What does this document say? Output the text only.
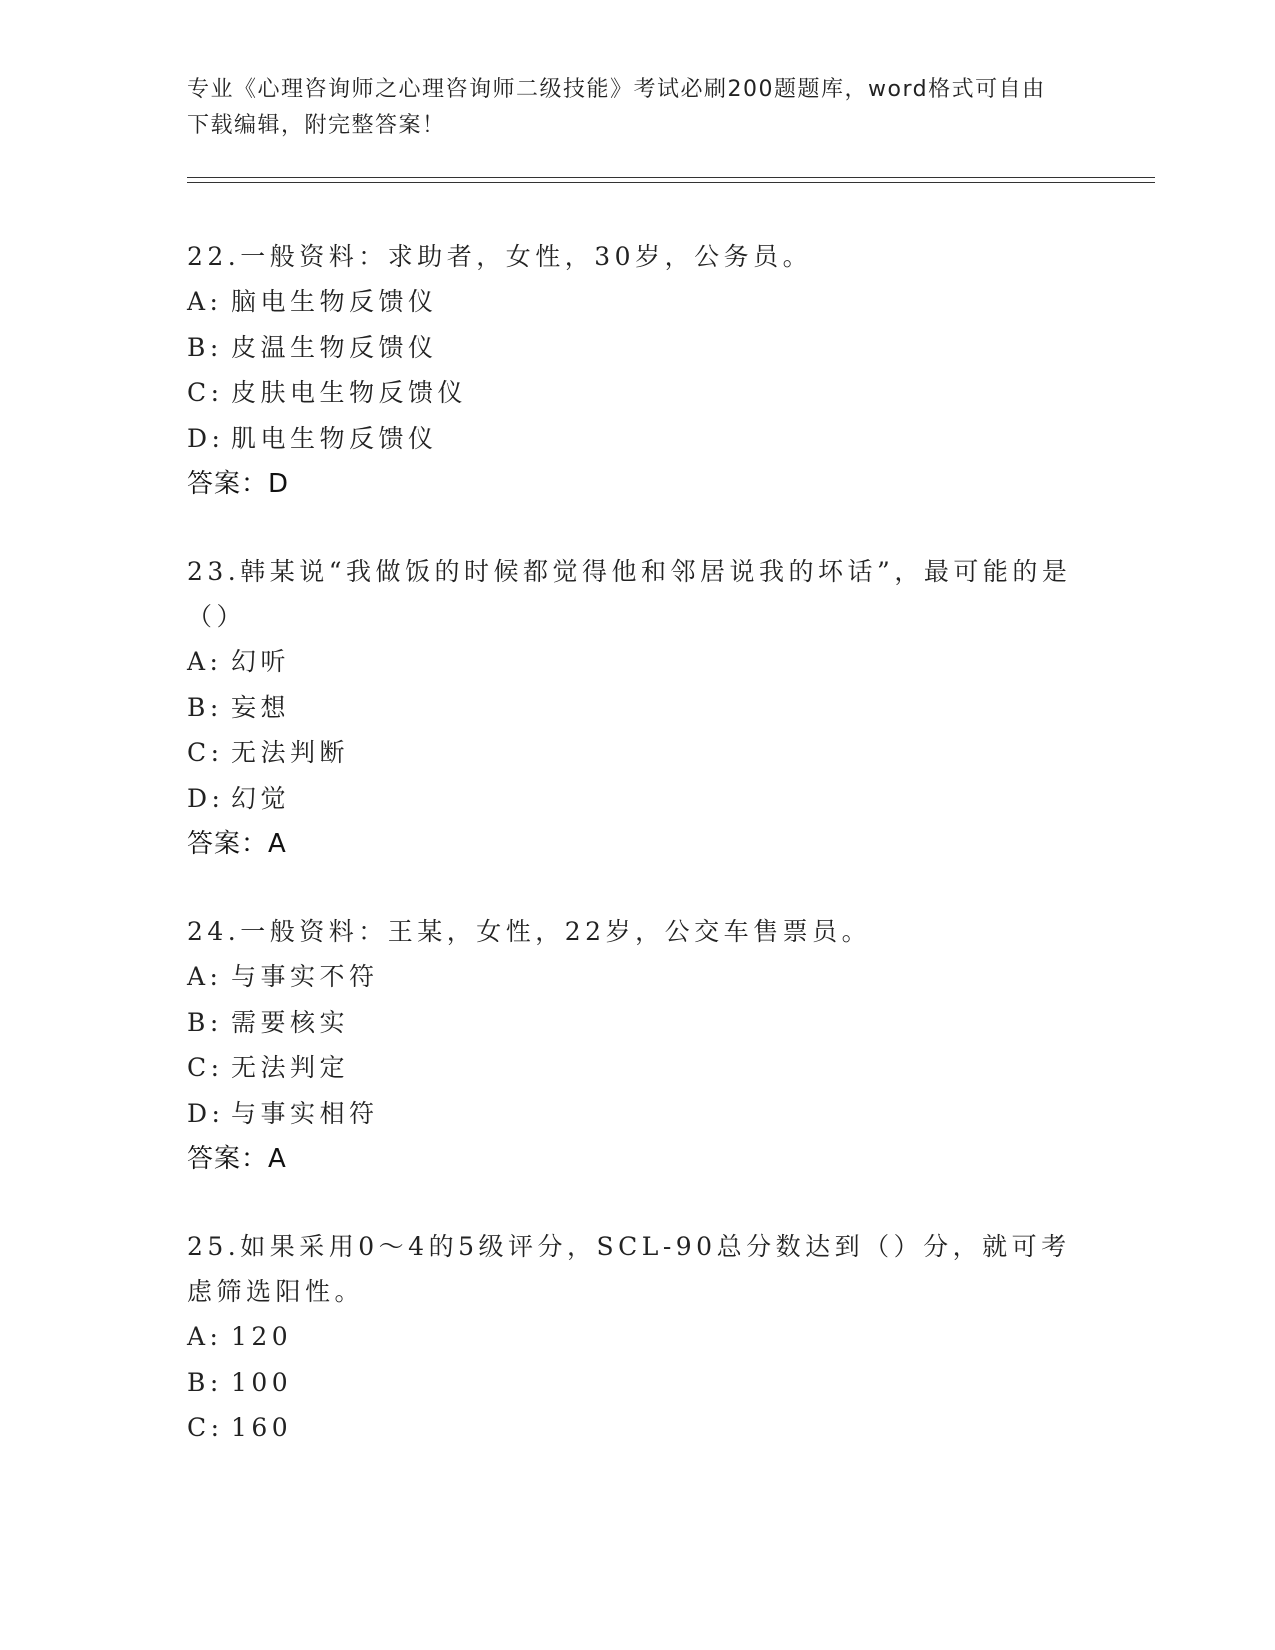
专业《心理咨询师之心理咨询师二级技能》考试必刷200题题库，word格式可自由下载编辑，附完整答案！
22.一般资料：求助者，女性，30岁，公务员。
A: 脑电生物反馈仪
B: 皮温生物反馈仪
C: 皮肤电生物反馈仪
D: 肌电生物反馈仪
答案：D
23.韩某说“我做饭的时候都觉得他和邻居说我的坏话”，最可能的是（）
A: 幻听
B: 妄想
C: 无法判断
D: 幻觉
答案：A
24.一般资料：王某，女性，22岁，公交车售票员。
A: 与事实不符
B: 需要核实
C: 无法判定
D: 与事实相符
答案：A
25.如果采用0～4的5级评分，SCL-90总分数达到（）分，就可考虑筛选阳性。
A: 120
B: 100
C: 160
